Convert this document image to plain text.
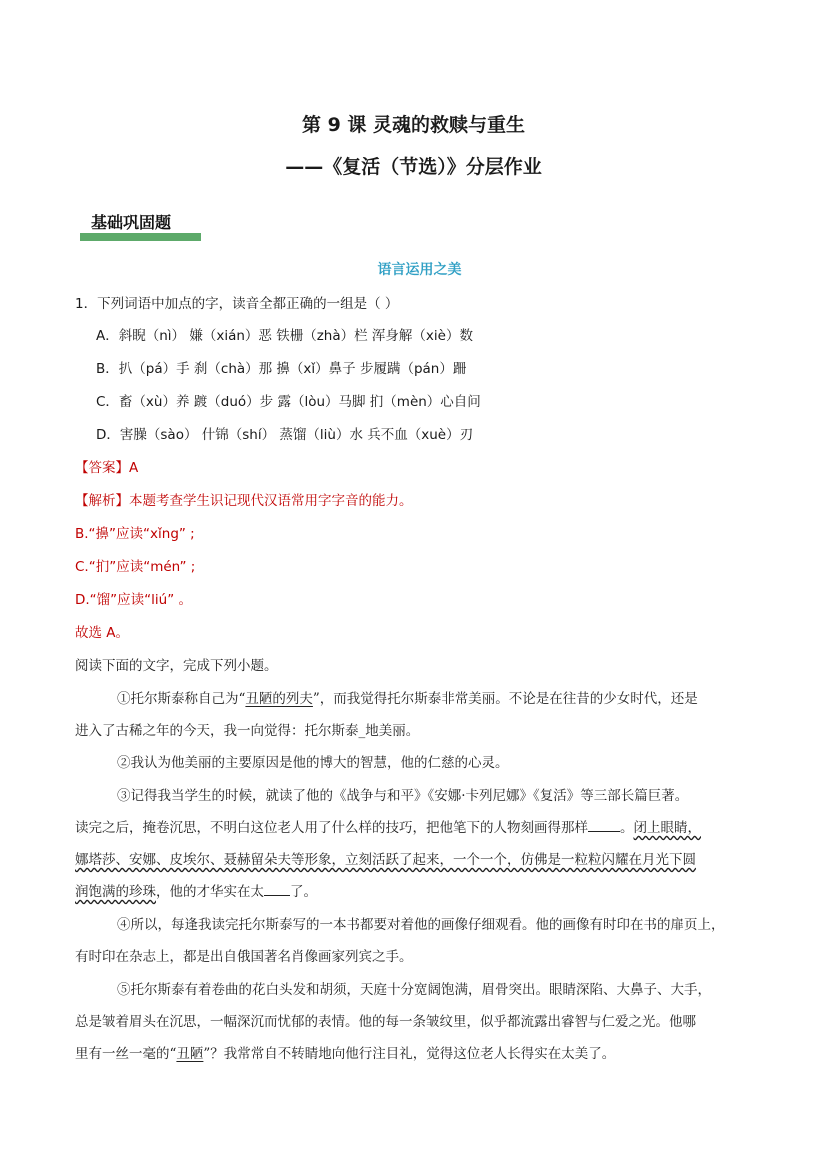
第 9 课 灵魂的救赎与重生
——《复活（节选）》分层作业
基础巩固题
语言运用之美
1．下列词语中加点的字，读音全都正确的一组是（ ）
A．斜睨（nì） 嫌（xián）恶 铁栅（zhà）栏 浑身解（xiè）数
B．扒（pá）手 刹（chà）那 擤（xǐ）鼻子 步履蹒（pán）跚
C．畜（xù）养 踱（duó）步 露（lòu）马脚 扪（mèn）心自问
D．害臊（sào） 什锦（shí） 蒸馏（liù）水 兵不血（xuè）刃
【答案】A
【解析】本题考查学生识记现代汉语常用字字音的能力。
B.“擤”应读“xǐng” ;
C.“扪”应读“mén” ;
D.“馏”应读“liú” 。
故选 A。
阅读下面的文字，完成下列小题。
①托尔斯泰称自己为“丑陋的列夫”，而我觉得托尔斯泰非常美丽。不论是在往昔的少女时代，还是
进入了古稀之年的今天，我一向觉得：托尔斯泰_地美丽。
②我认为他美丽的主要原因是他的博大的智慧，他的仁慈的心灵。
③记得我当学生的时候，就读了他的《战争与和平》《安娜·卡列尼娜》《复活》等三部长篇巨著。
读完之后，掩卷沉思，不明白这位老人用了什么样的技巧，把他笔下的人物刻画得那样 。闭上眼睛，
娜塔莎、安娜、皮埃尔、聂赫留朵夫等形象，立刻活跃了起来，一个一个，仿佛是一粒粒闪耀在月光下圆
润饱满的珍珠，他的才华实在太 了。
④所以，每逢我读完托尔斯泰写的一本书都要对着他的画像仔细观看。他的画像有时印在书的扉页上，
有时印在杂志上，都是出自俄国著名肖像画家列宾之手。
⑤托尔斯泰有着卷曲的花白头发和胡须，天庭十分宽阔饱满，眉骨突出。眼睛深陷、大鼻子、大手，
总是皱着眉头在沉思，一幅深沉而忧郁的表情。他的每一条皱纹里，似乎都流露出睿智与仁爱之光。他哪
里有一丝一毫的“丑陋”？我常常自不转睛地向他行注目礼，觉得这位老人长得实在太美了。
